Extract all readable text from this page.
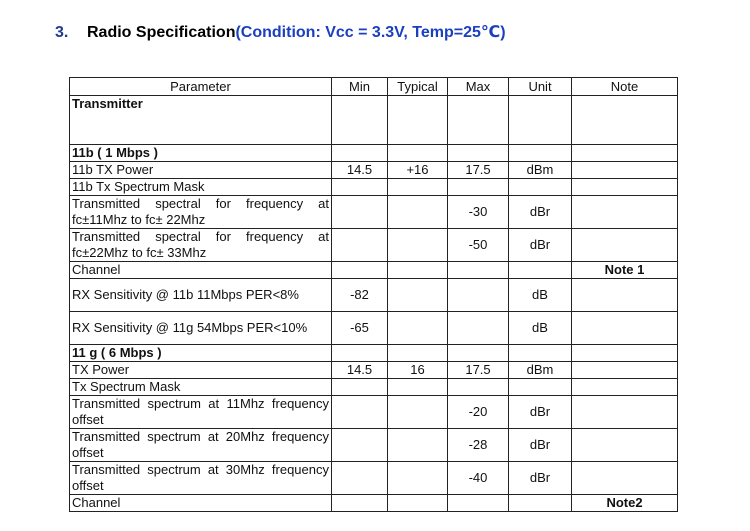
3. Radio Specification(Condition: Vcc = 3.3V, Temp=25℃)
Parameter	Min	Typical	Max	Unit	Note
Transmitter					
11b ( 1 Mbps )					
11b TX Power	14.5	+16	17.5	dBm	
11b Tx Spectrum Mask					
Transmitted spectral for frequency at fc±11Mhz to fc± 22Mhz			-30	dBr	
Transmitted spectral for frequency at fc±22Mhz to fc± 33Mhz			-50	dBr	
Channel					Note 1
RX Sensitivity @ 11b 11Mbps PER<8%	-82			dB	
RX Sensitivity @ 11g 54Mbps PER<10%	-65			dB	
11 g ( 6 Mbps )					
TX Power	14.5	16	17.5	dBm	
Tx Spectrum Mask					
Transmitted spectrum at 11Mhz frequency offset			-20	dBr	
Transmitted spectrum at 20Mhz frequency offset			-28	dBr	
Transmitted spectrum at 30Mhz frequency offset			-40	dBr	
Channel					Note2
